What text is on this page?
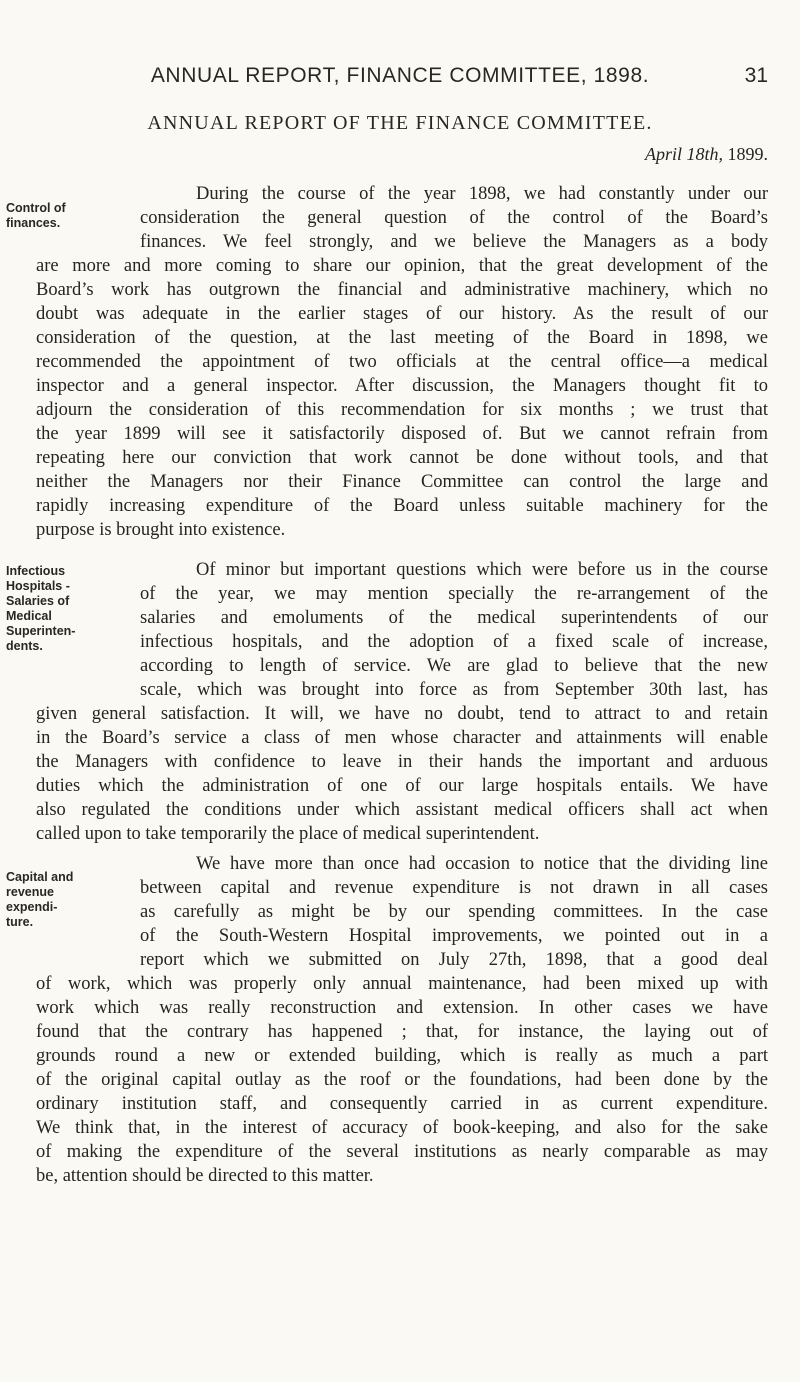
ANNUAL REPORT, FINANCE COMMITTEE, 1898.	31
ANNUAL REPORT OF THE FINANCE COMMITTEE.
April 18th, 1899.
Control of
finances.
During the course of the year 1898, we had constantly under our
consideration the general question of the control of the Board’s
finances. We feel strongly, and we believe the Managers as a body
are more and more coming to share our opinion, that the great development of the
Board’s work has outgrown the financial and administrative machinery, which no
doubt was adequate in the earlier stages of our history. As the result of our
consideration of the question, at the last meeting of the Board in 1898, we
recommended the appointment of two officials at the central office—a medical
inspector and a general inspector. After discussion, the Managers thought fit to
adjourn the consideration of this recommendation for six months ; we trust that
the year 1899 will see it satisfactorily disposed of. But we cannot refrain from
repeating here our conviction that work cannot be done without tools, and that
neither the Managers nor their Finance Committee can control the large and
rapidly increasing expenditure of the Board unless suitable machinery for the
purpose is brought into existence.
Infectious
Hospitals -
Salaries of
Medical
Superinten-
dents.
Of minor but important questions which were before us in the course
of the year, we may mention specially the re-arrangement of the
salaries and emoluments of the medical superintendents of our
infectious hospitals, and the adoption of a fixed scale of increase,
according to length of service. We are glad to believe that the new
scale, which was brought into force as from September 30th last, has
given general satisfaction. It will, we have no doubt, tend to attract to and retain
in the Board’s service a class of men whose character and attainments will enable
the Managers with confidence to leave in their hands the important and arduous
duties which the administration of one of our large hospitals entails. We have
also regulated the conditions under which assistant medical officers shall act when
called upon to take temporarily the place of medical superintendent.
Capital and
revenue
expendi-
ture.
We have more than once had occasion to notice that the dividing line
between capital and revenue expenditure is not drawn in all cases
as carefully as might be by our spending committees. In the case
of the South-Western Hospital improvements, we pointed out in a
report which we submitted on July 27th, 1898, that a good deal
of work, which was properly only annual maintenance, had been mixed up with
work which was really reconstruction and extension. In other cases we have
found that the contrary has happened ; that, for instance, the laying out of
grounds round a new or extended building, which is really as much a part
of the original capital outlay as the roof or the foundations, had been done by the
ordinary institution staff, and consequently carried in as current expenditure.
We think that, in the interest of accuracy of book-keeping, and also for the sake
of making the expenditure of the several institutions as nearly comparable as may
be, attention should be directed to this matter.
